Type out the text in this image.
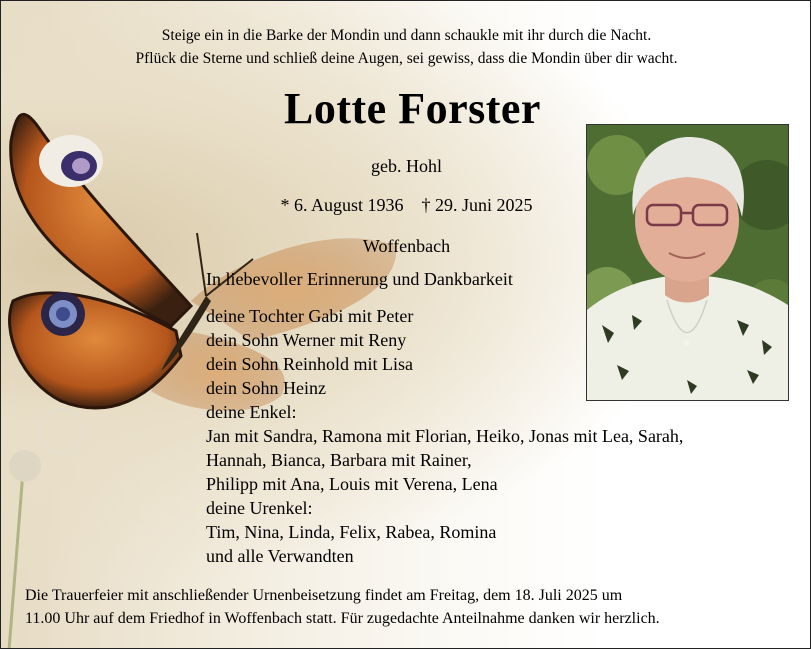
Steige ein in die Barke der Mondin und dann schaukle mit ihr durch die Nacht.
Pflück die Sterne und schließ deine Augen, sei gewiss, dass die Mondin über dir wacht.
Lotte Forster
geb. Hohl
* 6. August 1936 † 29. Juni 2025
Woffenbach
In liebevoller Erinnerung und Dankbarkeit
deine Tochter Gabi mit Peter
dein Sohn Werner mit Reny
dein Sohn Reinhold mit Lisa
dein Sohn Heinz
deine Enkel:
Jan mit Sandra, Ramona mit Florian, Heiko, Jonas mit Lea, Sarah,
Hannah, Bianca, Barbara mit Rainer,
Philipp mit Ana, Louis mit Verena, Lena
deine Urenkel:
Tim, Nina, Linda, Felix, Rabea, Romina
und alle Verwandten
Die Trauerfeier mit anschließender Urnenbeisetzung findet am Freitag, dem 18. Juli 2025 um
11.00 Uhr auf dem Friedhof in Woffenbach statt. Für zugedachte Anteilnahme danken wir herzlich.
